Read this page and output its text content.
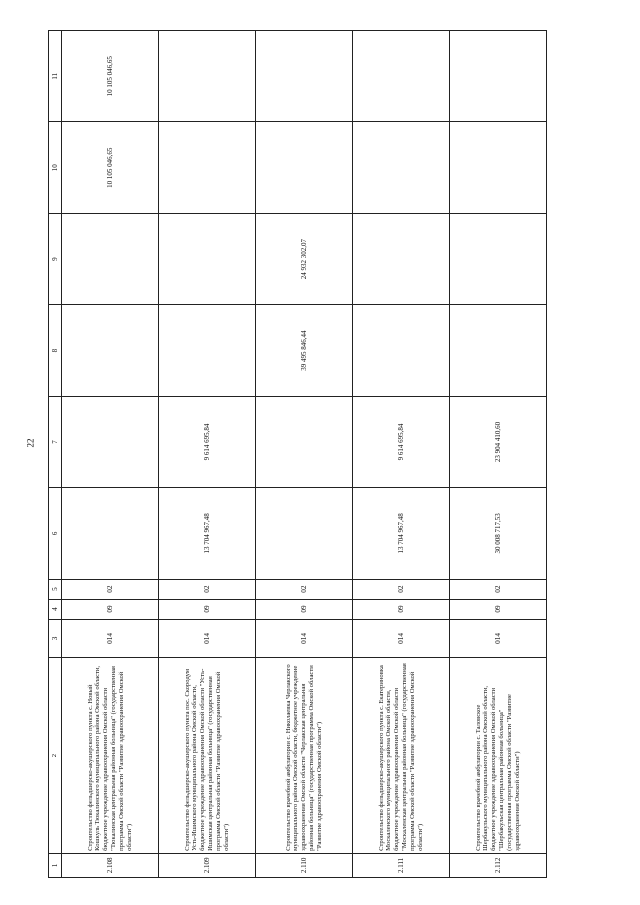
22
1	2	3	4	5	6	7	8	9	10	11
2.108	Строительство фельдшерско-акушерского пункта с. Новый Кошкуль Тюкалинского муниципального района Омской области, бюджетное учреждение здравоохранения Омской области "Тюкалинская центральная районная больница" (государственная программа Омской области "Развитие здравоохранения Омской области")	014	09	02					10 105 046,65	10 105 046,65
2.109	Строительство фельдшерско-акушерского пункта пос. Скородум Усть-Ишимского муниципального района Омской области, бюджетное учреждение здравоохранения Омской области "Усть-Ишимская центральная районная больница" (государственная программа Омской области "Развитие здравоохранения Омской области")	014	09	02	13 704 967,48	9 614 695,84				
2.110	Строительство врачебной амбулатории с. Николаевка Черлакского муниципального района Омской области, бюджетное учреждение здравоохранения Омской области "Черлакская центральная районная больница" (государственная программа Омской области "Развитие здравоохранения Омской области")	014	09	02			39 495 846,44	24 932 302,07		
2.111	Строительство фельдшерско-акушерского пункта с. Екатериновка Москаленского муниципального района Омской области, бюджетное учреждение здравоохранения Омской области "Москаленская центральная районная больница" (государственная программа Омской области "Развитие здравоохранения Омской области")	014	09	02	13 704 967,48	9 614 695,84				
2.112	Строительство врачебной амбулатории с. Таловское Шербакульского муниципального района Омской области, бюджетное учреждение здравоохранения Омской области "Шербакульская центральная районная больница" (государственная программа Омской области "Развитие здравоохранения Омской области")	014	09	02	30 008 717,53	23 904 410,60				
